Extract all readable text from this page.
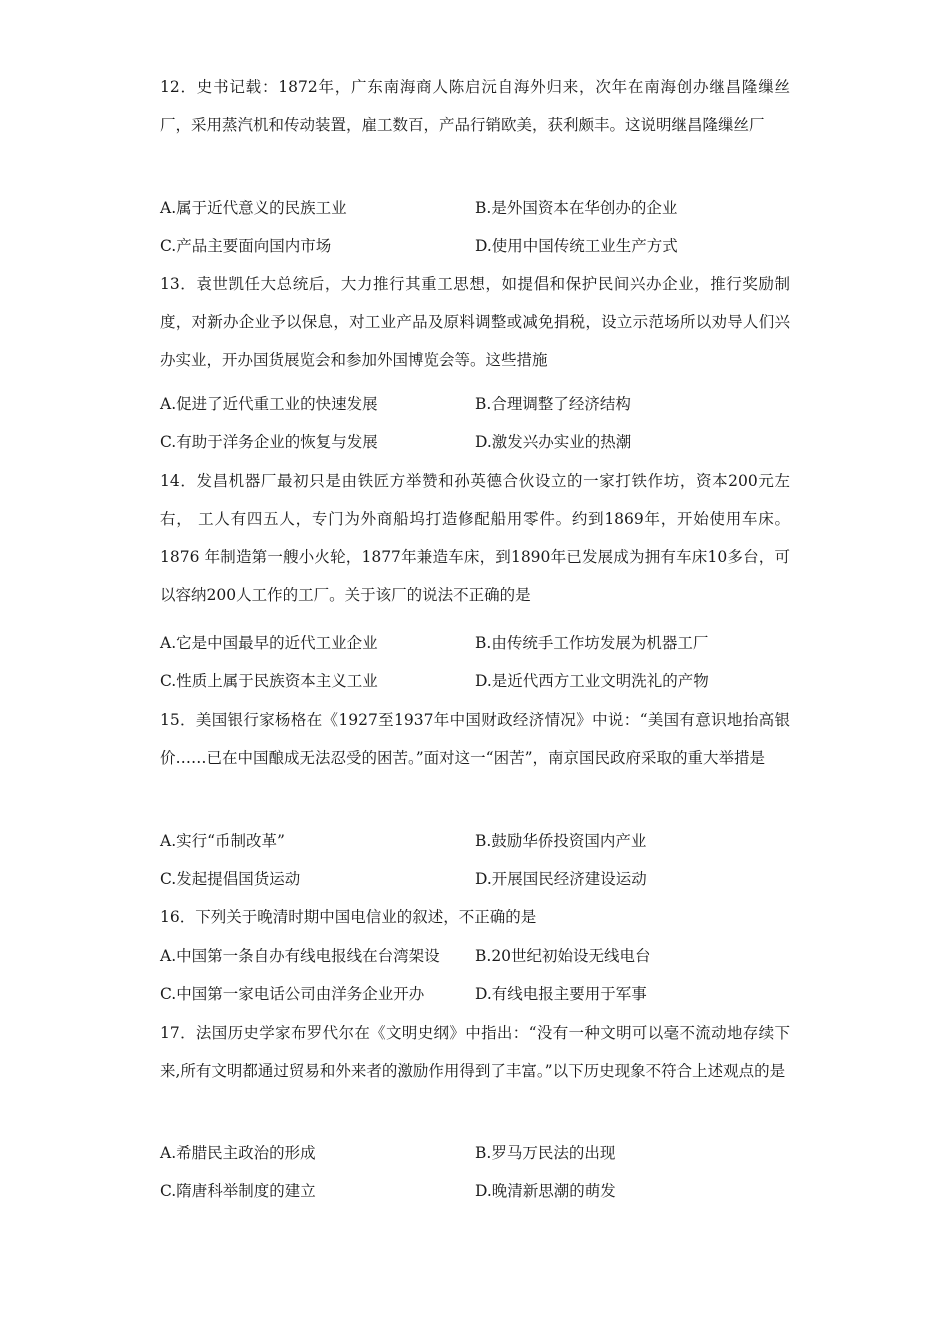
12．史书记载：1872年，广东南海商人陈启沅自海外归来，次年在南海创办继昌隆缫丝厂，采用蒸汽机和传动装置，雇工数百，产品行销欧美，获利颇丰。这说明继昌隆缫丝厂

A.属于近代意义的民族工业	B.是外国资本在华创办的企业
C.产品主要面向国内市场	D.使用中国传统工业生产方式

13．袁世凯任大总统后，大力推行其重工思想，如提倡和保护民间兴办企业，推行奖励制度，对新办企业予以保息，对工业产品及原料调整或减免捐税，设立示范场所以劝导人们兴办实业，开办国货展览会和参加外国博览会等。这些措施

A.促进了近代重工业的快速发展	B.合理调整了经济结构
C.有助于洋务企业的恢复与发展	D.激发兴办实业的热潮

14．发昌机器厂最初只是由铁匠方举赞和孙英德合伙设立的一家打铁作坊，资本200元左右， 工人有四五人，专门为外商船坞打造修配船用零件。约到1869年，开始使用车床。1876 年制造第一艘小火轮，1877年兼造车床，到1890年已发展成为拥有车床10多台，可以容纳200人工作的工厂。关于该厂的说法不正确的是

A.它是中国最早的近代工业企业	B.由传统手工作坊发展为机器工厂
C.性质上属于民族资本主义工业	D.是近代西方工业文明洗礼的产物

15．美国银行家杨格在《1927至1937年中国财政经济情况》中说：“美国有意识地抬高银价……已在中国酿成无法忍受的困苦。”面对这一“困苦”，南京国民政府采取的重大举措是

A.实行“币制改革”	B.鼓励华侨投资国内产业
C.发起提倡国货运动	D.开展国民经济建设运动

16．下列关于晚清时期中国电信业的叙述，不正确的是

A.中国第一条自办有线电报线在台湾架设	B.20世纪初始设无线电台
C.中国第一家电话公司由洋务企业开办	D.有线电报主要用于军事

17．法国历史学家布罗代尔在《文明史纲》中指出：“没有一种文明可以毫不流动地存续下来,所有文明都通过贸易和外来者的激励作用得到了丰富。”以下历史现象不符合上述观点的是

A.希腊民主政治的形成	B.罗马万民法的出现
C.隋唐科举制度的建立	D.晚清新思潮的萌发
